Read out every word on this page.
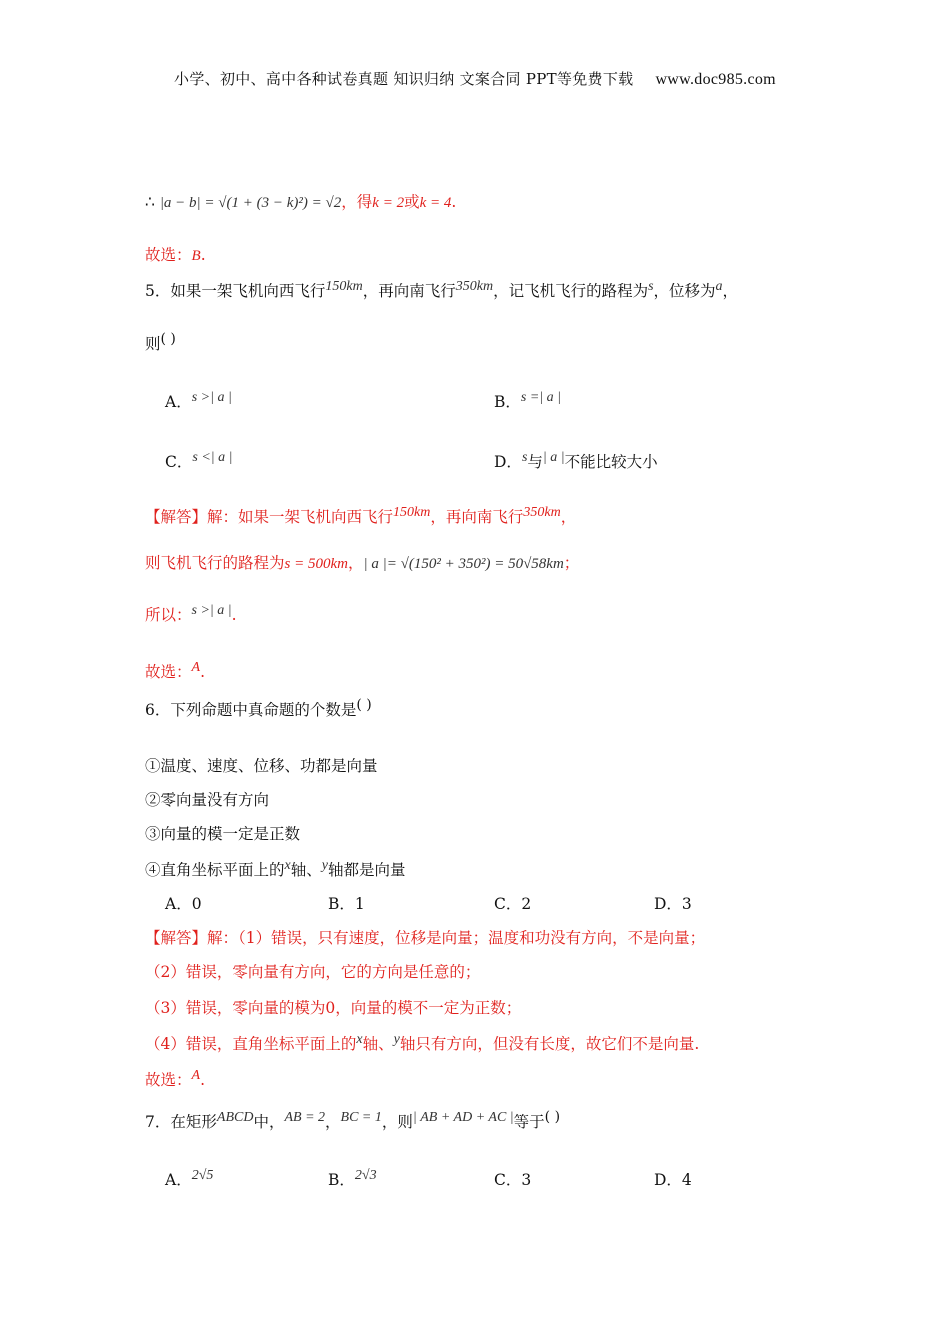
小学、初中、高中各种试卷真题 知识归纳 文案合同 PPT等免费下载 www.doc985.com
∴ |a − b| = √(1 + (3 − k)²) = √2，得k = 2或k = 4.
故选：B.
5．如果一架飞机向西飞行150km，再向南飞行350km，记飞机飞行的路程为s，位移为a，
则( )
A．s >| a |	B．s =| a |
C．s <| a |	D．s与| a |不能比较大小
【解答】解：如果一架飞机向西飞行150km，再向南飞行350km，
则飞机飞行的路程为s = 500km，| a |= √(150² + 350²) = 50√58km；
所以：s >| a |.
故选：A.
6．下列命题中真命题的个数是( )
①温度、速度、位移、功都是向量
②零向量没有方向
③向量的模一定是正数
④直角坐标平面上的x轴、y轴都是向量
A．0	B．1	C．2	D．3
【解答】解：（1）错误，只有速度，位移是向量；温度和功没有方向，不是向量；
（2）错误，零向量有方向，它的方向是任意的；
（3）错误，零向量的模为0，向量的模不一定为正数；
（4）错误，直角坐标平面上的x轴、y轴只有方向，但没有长度，故它们不是向量.
故选：A.
7．在矩形ABCD中，AB = 2，BC = 1，则| AB + AD + AC |等于( )
A．2√5	B．2√3	C．3	D．4
